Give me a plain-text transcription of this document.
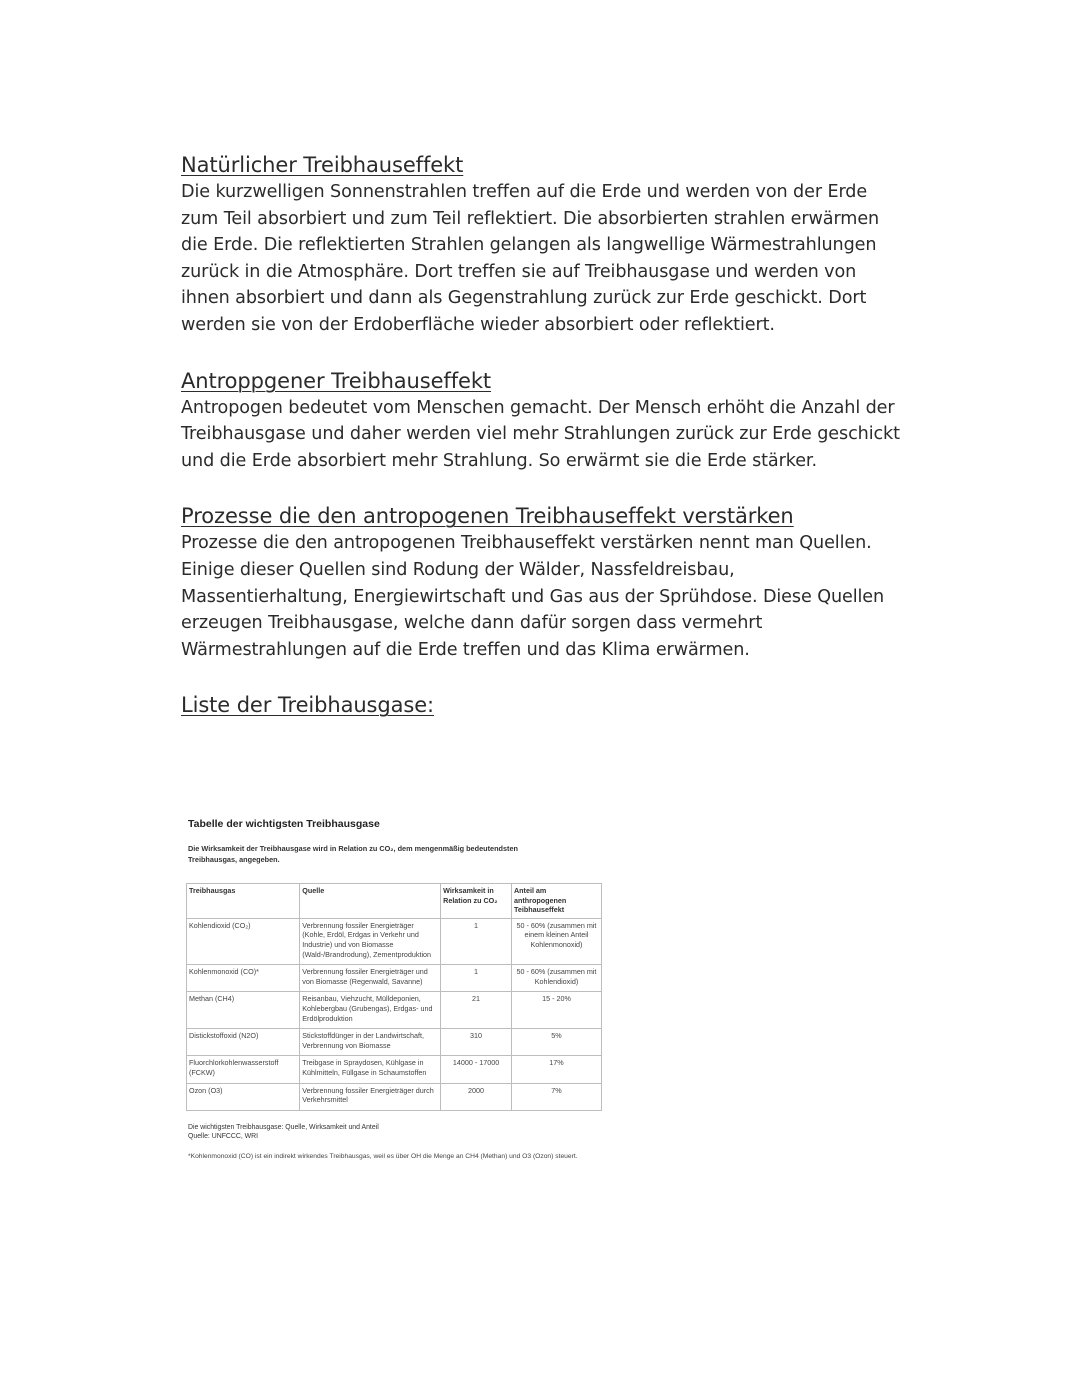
Natürlicher Treibhauseffekt

Die kurzwelligen Sonnenstrahlen treffen auf die Erde und werden von der Erde zum Teil absorbiert und zum Teil reflektiert. Die absorbierten strahlen erwärmen die Erde. Die reflektierten Strahlen gelangen als langwellige Wärmestrahlungen zurück in die Atmosphäre. Dort treffen sie auf Treibhausgase und werden von ihnen absorbiert und dann als Gegenstrahlung zurück zur Erde geschickt. Dort werden sie von der Erdoberfläche wieder absorbiert oder reflektiert.

Antroppgener Treibhauseffekt

Antropogen bedeutet vom Menschen gemacht. Der Mensch erhöht die Anzahl der Treibhausgase und daher werden viel mehr Strahlungen zurück zur Erde geschickt und die Erde absorbiert mehr Strahlung. So erwärmt sie die Erde stärker.

Prozesse die den antropogenen Treibhauseffekt verstärken

Prozesse die den antropogenen Treibhauseffekt verstärken nennt man Quellen. Einige dieser Quellen sind Rodung der Wälder, Nassfeldreisbau, Massentierhaltung, Energiewirtschaft und Gas aus der Sprühdose. Diese Quellen erzeugen Treibhausgase, welche dann dafür sorgen dass vermehrt Wärmestrahlungen auf die Erde treffen und das Klima erwärmen.

Liste der Treibhausgase:
Tabelle der wichtigsten Treibhausgase
Die Wirksamkeit der Treibhausgase wird in Relation zu CO₂, dem mengenmäßig bedeutendsten Treibhausgas, angegeben.
Treibhausgas	Quelle	Wirksamkeit in Relation zu CO₂	Anteil am anthropogenen Teibhauseffekt
Kohlendioxid (CO₂)	Verbrennung fossiler Energieträger (Kohle, Erdöl, Erdgas in Verkehr und Industrie) und von Biomasse (Wald-/Brandrodung), Zementproduktion	1	50 - 60% (zusammen mit einem kleinen Anteil Kohlenmonoxid)
Kohlenmonoxid (CO)*	Verbrennung fossiler Energieträger und von Biomasse (Regenwald, Savanne)	1	50 - 60% (zusammen mit Kohlendioxid)
Methan (CH4)	Reisanbau, Viehzucht, Mülldeponien, Kohlebergbau (Grubengas), Erdgas- und Erdölproduktion	21	15 - 20%
Distickstoffoxid (N2O)	Stickstoffdünger in der Landwirtschaft, Verbrennung von Biomasse	310	5%
Fluorchlorkohlenwasserstoff (FCKW)	Treibgase in Spraydosen, Kühlgase in Kühlmitteln, Füllgase in Schaumstoffen	14000 - 17000	17%
Ozon (O3)	Verbrennung fossiler Energieträger durch Verkehrsmittel	2000	7%
Die wichtigsten Treibhausgase: Quelle, Wirksamkeit und Anteil
Quelle: UNFCCC, WRI
*Kohlenmonoxid (CO) ist ein indirekt wirkendes Treibhausgas, weil es über OH die Menge an CH4 (Methan) und O3 (Ozon) steuert.
